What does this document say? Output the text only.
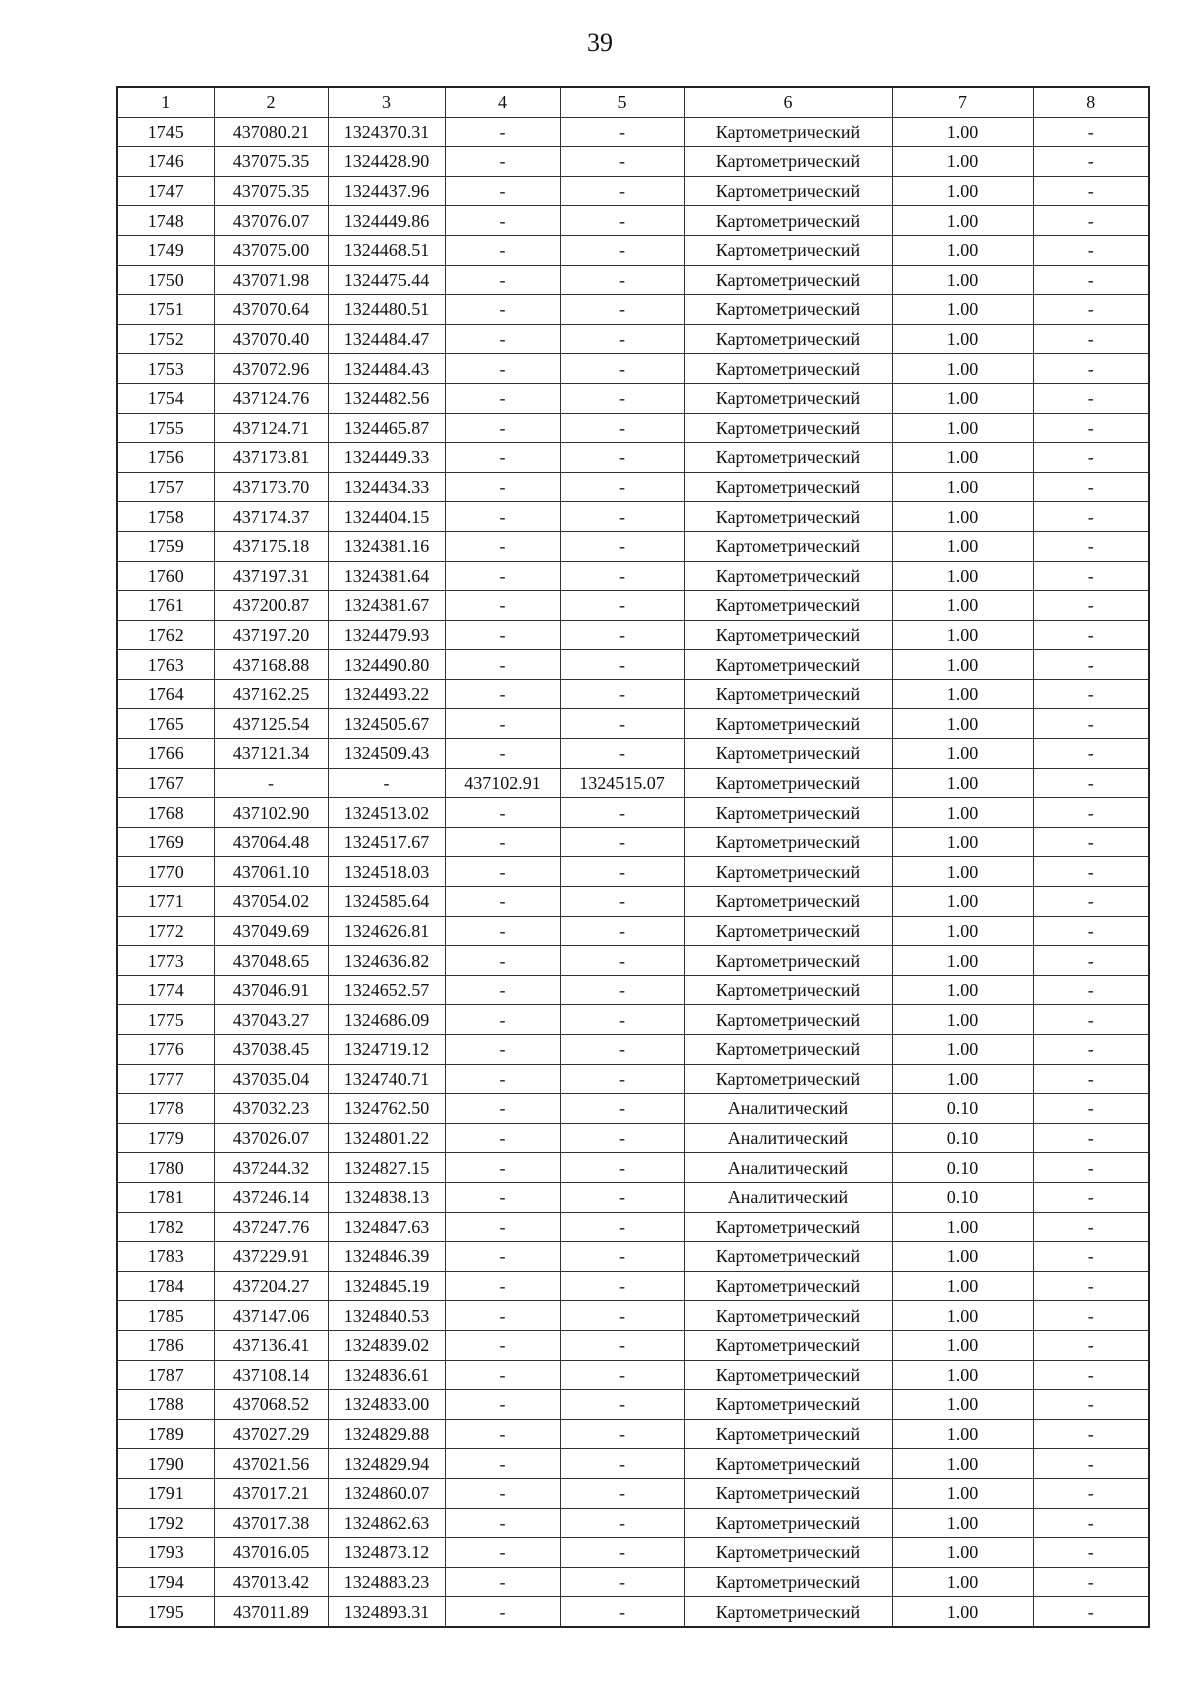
39
1	2	3	4	5	6	7	8
1745	437080.21	1324370.31	-	-	Картометрический	1.00	-
1746	437075.35	1324428.90	-	-	Картометрический	1.00	-
1747	437075.35	1324437.96	-	-	Картометрический	1.00	-
1748	437076.07	1324449.86	-	-	Картометрический	1.00	-
1749	437075.00	1324468.51	-	-	Картометрический	1.00	-
1750	437071.98	1324475.44	-	-	Картометрический	1.00	-
1751	437070.64	1324480.51	-	-	Картометрический	1.00	-
1752	437070.40	1324484.47	-	-	Картометрический	1.00	-
1753	437072.96	1324484.43	-	-	Картометрический	1.00	-
1754	437124.76	1324482.56	-	-	Картометрический	1.00	-
1755	437124.71	1324465.87	-	-	Картометрический	1.00	-
1756	437173.81	1324449.33	-	-	Картометрический	1.00	-
1757	437173.70	1324434.33	-	-	Картометрический	1.00	-
1758	437174.37	1324404.15	-	-	Картометрический	1.00	-
1759	437175.18	1324381.16	-	-	Картометрический	1.00	-
1760	437197.31	1324381.64	-	-	Картометрический	1.00	-
1761	437200.87	1324381.67	-	-	Картометрический	1.00	-
1762	437197.20	1324479.93	-	-	Картометрический	1.00	-
1763	437168.88	1324490.80	-	-	Картометрический	1.00	-
1764	437162.25	1324493.22	-	-	Картометрический	1.00	-
1765	437125.54	1324505.67	-	-	Картометрический	1.00	-
1766	437121.34	1324509.43	-	-	Картометрический	1.00	-
1767	-	-	437102.91	1324515.07	Картометрический	1.00	-
1768	437102.90	1324513.02	-	-	Картометрический	1.00	-
1769	437064.48	1324517.67	-	-	Картометрический	1.00	-
1770	437061.10	1324518.03	-	-	Картометрический	1.00	-
1771	437054.02	1324585.64	-	-	Картометрический	1.00	-
1772	437049.69	1324626.81	-	-	Картометрический	1.00	-
1773	437048.65	1324636.82	-	-	Картометрический	1.00	-
1774	437046.91	1324652.57	-	-	Картометрический	1.00	-
1775	437043.27	1324686.09	-	-	Картометрический	1.00	-
1776	437038.45	1324719.12	-	-	Картометрический	1.00	-
1777	437035.04	1324740.71	-	-	Картометрический	1.00	-
1778	437032.23	1324762.50	-	-	Аналитический	0.10	-
1779	437026.07	1324801.22	-	-	Аналитический	0.10	-
1780	437244.32	1324827.15	-	-	Аналитический	0.10	-
1781	437246.14	1324838.13	-	-	Аналитический	0.10	-
1782	437247.76	1324847.63	-	-	Картометрический	1.00	-
1783	437229.91	1324846.39	-	-	Картометрический	1.00	-
1784	437204.27	1324845.19	-	-	Картометрический	1.00	-
1785	437147.06	1324840.53	-	-	Картометрический	1.00	-
1786	437136.41	1324839.02	-	-	Картометрический	1.00	-
1787	437108.14	1324836.61	-	-	Картометрический	1.00	-
1788	437068.52	1324833.00	-	-	Картометрический	1.00	-
1789	437027.29	1324829.88	-	-	Картометрический	1.00	-
1790	437021.56	1324829.94	-	-	Картометрический	1.00	-
1791	437017.21	1324860.07	-	-	Картометрический	1.00	-
1792	437017.38	1324862.63	-	-	Картометрический	1.00	-
1793	437016.05	1324873.12	-	-	Картометрический	1.00	-
1794	437013.42	1324883.23	-	-	Картометрический	1.00	-
1795	437011.89	1324893.31	-	-	Картометрический	1.00	-
